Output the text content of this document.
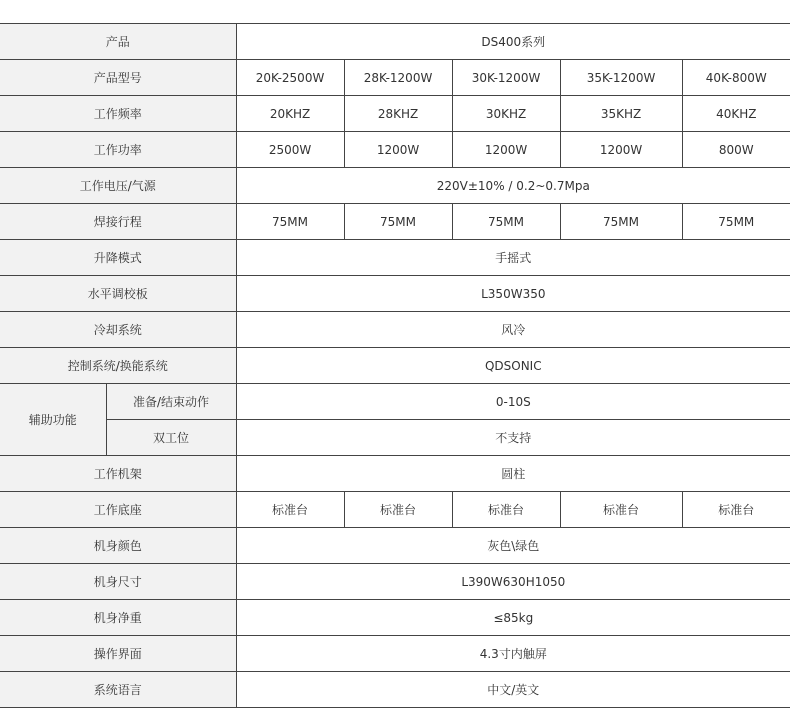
产品		DS400系列				
产品型号		20K-2500W	28K-1200W	30K-1200W	35K-1200W	40K-800W
工作频率		20KHZ	28KHZ	30KHZ	35KHZ	40KHZ
工作功率		2500W	1200W	1200W	1200W	800W
工作电压/气源		220V±10% / 0.2~0.7Mpa				
焊接行程		75MM	75MM	75MM	75MM	75MM
升降模式		手摇式				
水平调校板		L350W350				
冷却系统		风冷				
控制系统/换能系统		QDSONIC				
辅助功能	准备/结束动作	0-10S				
	双工位	不支持				
工作机架		圆柱				
工作底座		标准台	标准台	标准台	标准台	标准台
机身颜色		灰色\绿色				
机身尺寸		L390W630H1050				
机身净重		≤85kg				
操作界面		4.3寸内触屏				
系统语言		中文/英文				
